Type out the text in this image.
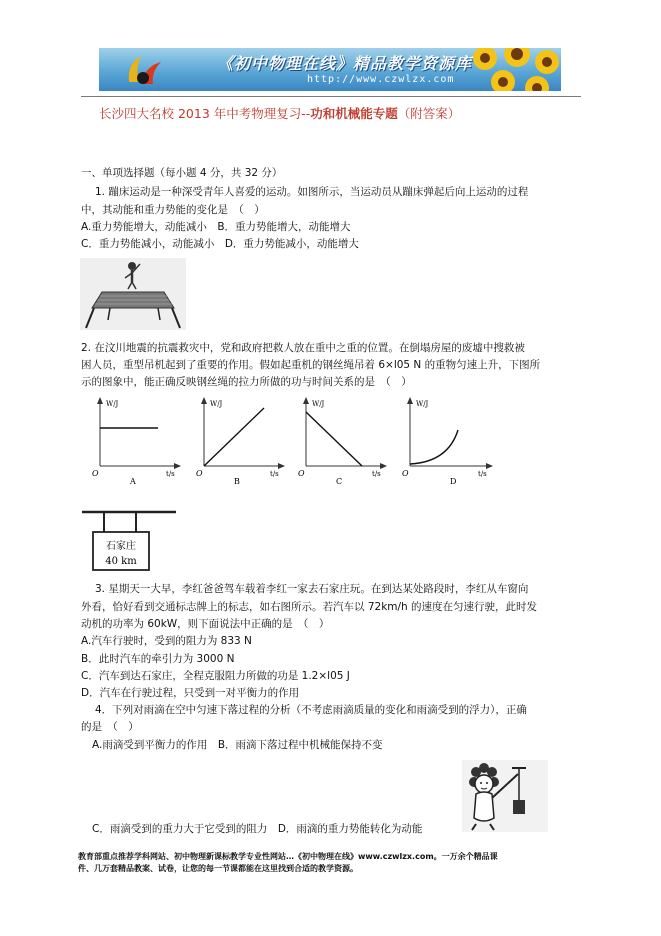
《初中物理在线》精品教学资源库
http://www.czwlzx.com
长沙四大名校 2013 年中考物理复习--功和机械能专题（附答案）
一、单项选择题（每小题 4 分，共 32 分）
1. 蹦床运动是一种深受青年人喜爱的运动。如图所示，当运动员从蹦床弹起后向上运动的过程
中，其动能和重力势能的变化是　（　）
A.重力势能增大，动能减小　B．重力势能增大，动能增大
C．重力势能减小，动能减小　D．重力势能减小，动能增大
2. 在汶川地震的抗震救灾中，党和政府把救人放在重中之重的位置。在倒塌房屋的废墟中搜救被
困人员，重型吊机起到了重要的作用。假如起重机的钢丝绳吊着 6×l05 N 的重物匀速上升，下图所
示的图象中，能正确反映钢丝绳的拉力所做的功与时间关系的是　（　）
W/J
t/s
O
A
W/J
t/s
O
B
W/J
t/s
O
C
W/J
t/s
O
D
石家庄
40 km
3. 星期天一大早，李红爸爸驾车载着李红一家去石家庄玩。在到达某处路段时，李红从车窗向
外看，恰好看到交通标志牌上的标志，如右图所示。若汽车以 72km/h 的速度在匀速行驶，此时发
动机的功率为 60kW，则下面说法中正确的是　（　）
A.汽车行驶时，受到的阻力为 833 N
B．此时汽车的牵引力为 3000 N
C．汽车到达石家庄，全程克服阻力所做的功是 1.2×l05 J
D．汽车在行驶过程，只受到一对平衡力的作用
4．下列对雨滴在空中匀速下落过程的分析（不考虑雨滴质量的变化和雨滴受到的浮力），正确
的是　（　）
A.雨滴受到平衡力的作用　B．雨滴下落过程中机械能保持不变
C．雨滴受到的重力大于它受到的阻力　D．雨滴的重力势能转化为动能
教育部重点推荐学科网站、初中物理新课标教学专业性网站…《初中物理在线》www.czwlzx.com。一万余个精品课
件、几万套精品教案、试卷，让您的每一节课都能在这里找到合适的教学资源。
